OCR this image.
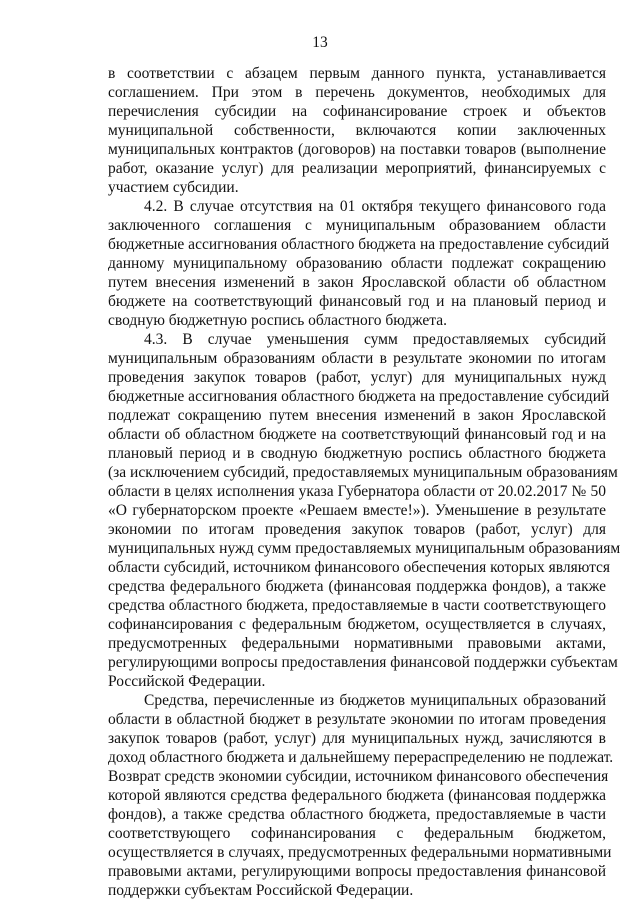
13
в соответствии с абзацем первым данного пункта, устанавливается
соглашением. При этом в перечень документов, необходимых для
перечисления субсидии на софинансирование строек и объектов
муниципальной собственности, включаются копии заключенных
муниципальных контрактов (договоров) на поставки товаров (выполнение
работ, оказание услуг) для реализации мероприятий, финансируемых с
участием субсидии.
4.2. В случае отсутствия на 01 октября текущего финансового года
заключенного соглашения с муниципальным образованием области
бюджетные ассигнования областного бюджета на предоставление субсидий
данному муниципальному образованию области подлежат сокращению
путем внесения изменений в закон Ярославской области об областном
бюджете на соответствующий финансовый год и на плановый период и
сводную бюджетную роспись областного бюджета.
4.3. В случае уменьшения сумм предоставляемых субсидий
муниципальным образованиям области в результате экономии по итогам
проведения закупок товаров (работ, услуг) для муниципальных нужд
бюджетные ассигнования областного бюджета на предоставление субсидий
подлежат сокращению путем внесения изменений в закон Ярославской
области об областном бюджете на соответствующий финансовый год и на
плановый период и в сводную бюджетную роспись областного бюджета
(за исключением субсидий, предоставляемых муниципальным образованиям
области в целях исполнения указа Губернатора области от 20.02.2017 № 50
«О губернаторском проекте «Решаем вместе!»). Уменьшение в результате
экономии по итогам проведения закупок товаров (работ, услуг) для
муниципальных нужд сумм предоставляемых муниципальным образованиям
области субсидий, источником финансового обеспечения которых являются
средства федерального бюджета (финансовая поддержка фондов), а также
средства областного бюджета, предоставляемые в части соответствующего
софинансирования с федеральным бюджетом, осуществляется в случаях,
предусмотренных федеральными нормативными правовыми актами,
регулирующими вопросы предоставления финансовой поддержки субъектам
Российской Федерации.
Средства, перечисленные из бюджетов муниципальных образований
области в областной бюджет в результате экономии по итогам проведения
закупок товаров (работ, услуг) для муниципальных нужд, зачисляются в
доход областного бюджета и дальнейшему перераспределению не подлежат.
Возврат средств экономии субсидии, источником финансового обеспечения
которой являются средства федерального бюджета (финансовая поддержка
фондов), а также средства областного бюджета, предоставляемые в части
соответствующего софинансирования с федеральным бюджетом,
осуществляется в случаях, предусмотренных федеральными нормативными
правовыми актами, регулирующими вопросы предоставления финансовой
поддержки субъектам Российской Федерации.
